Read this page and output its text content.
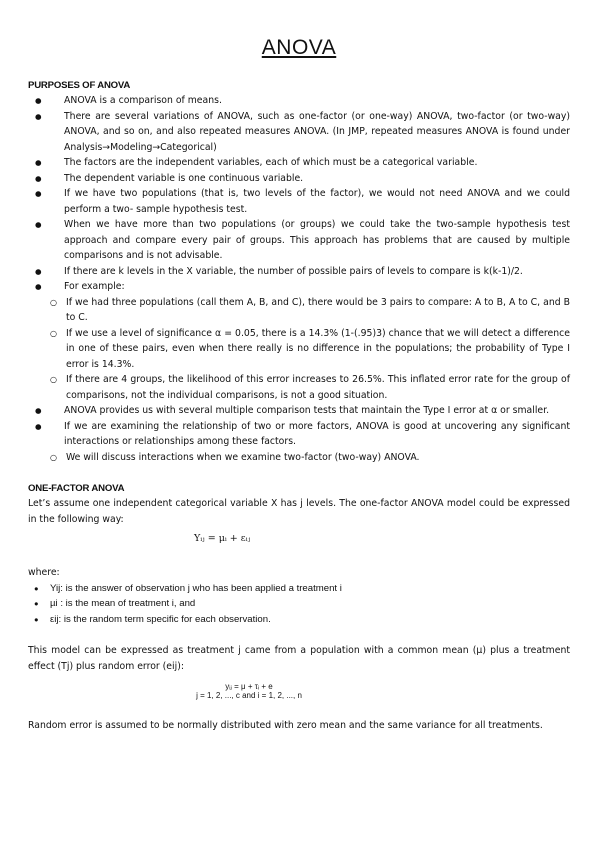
ANOVA
PURPOSES OF ANOVA
● ANOVA is a comparison of means.
● There are several variations of ANOVA, such as one-factor (or one-way) ANOVA, two-factor (or two-way) ANOVA, and so on, and also repeated measures ANOVA. (In JMP, repeated measures ANOVA is found under Analysis→Modeling→Categorical)
● The factors are the independent variables, each of which must be a categorical variable.
● The dependent variable is one continuous variable.
● If we have two populations (that is, two levels of the factor), we would not need ANOVA and we could perform a two- sample hypothesis test.
● When we have more than two populations (or groups) we could take the two-sample hypothesis test approach and compare every pair of groups. This approach has problems that are caused by multiple comparisons and is not advisable.
● If there are k levels in the X variable, the number of possible pairs of levels to compare is k(k-1)/2.
● For example:
○ If we had three populations (call them A, B, and C), there would be 3 pairs to compare: A to B, A to C, and B to C.
○ If we use a level of significance α = 0.05, there is a 14.3% (1-(.95)3) chance that we will detect a difference in one of these pairs, even when there really is no difference in the populations; the probability of Type I error is 14.3%.
○ If there are 4 groups, the likelihood of this error increases to 26.5%. This inflated error rate for the group of comparisons, not the individual comparisons, is not a good situation.
● ANOVA provides us with several multiple comparison tests that maintain the Type I error at α or smaller.
● If we are examining the relationship of two or more factors, ANOVA is good at uncovering any significant interactions or relationships among these factors.
○ We will discuss interactions when we examine two-factor (two-way) ANOVA.
ONE-FACTOR ANOVA

Let’s assume one independent categorical variable X has j levels. The one-factor ANOVA model could be expressed in the following way:

Yᵢⱼ = μᵢ + εᵢⱼ

where:

● Yij: is the answer of observation j who has been applied a treatment i
● µi : is the mean of treatment i, and
● εij: is the random term specific for each observation.

This model can be expressed as treatment j came from a population with a common mean (µ) plus a treatment effect (Tj) plus random error (eij):

yᵢⱼ = μ + τᵢ + e
j = 1, 2, ..., c and i = 1, 2, ..., n

Random error is assumed to be normally distributed with zero mean and the same variance for all treatments.
